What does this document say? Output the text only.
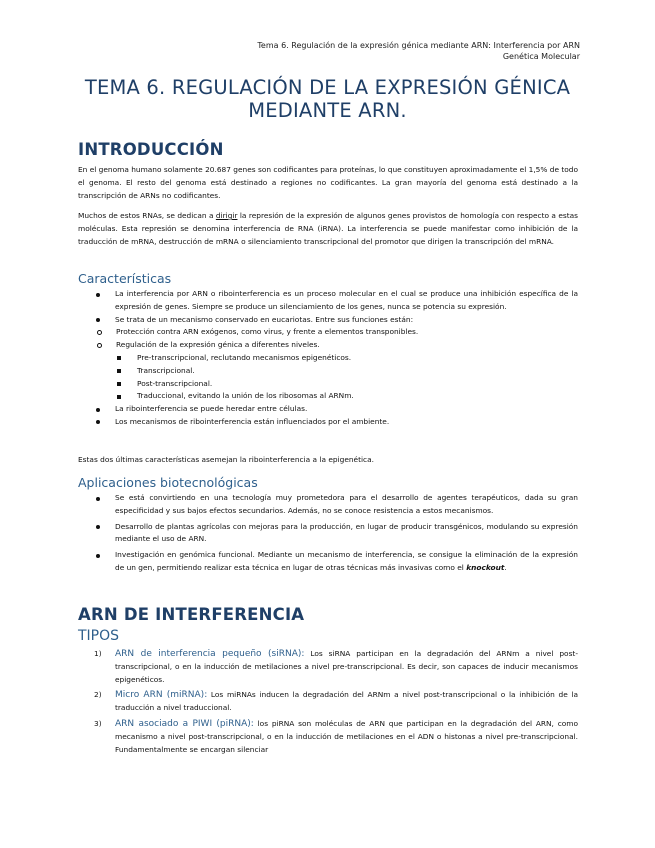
Tema 6. Regulación de la expresión génica mediante ARN: Interferencia por ARN
Genética Molecular
TEMA 6. REGULACIÓN DE LA EXPRESIÓN GÉNICA
MEDIANTE ARN.
INTRODUCCIÓN
En el genoma humano solamente 20.687 genes son codificantes para proteínas, lo que constituyen aproximadamente el 1,5% de todo el genoma. El resto del genoma está destinado a regiones no codificantes. La gran mayoría del genoma está destinado a la transcripción de ARNs no codificantes.
Muchos de estos RNAs, se dedican a dirigir la represión de la expresión de algunos genes provistos de homología con respecto a estas moléculas. Esta represión se denomina interferencia de RNA (iRNA). La interferencia se puede manifestar como inhibición de la traducción de mRNA, destrucción de mRNA o silenciamiento transcripcional del promotor que dirigen la transcripción del mRNA.
Características
La interferencia por ARN o ribointerferencia es un proceso molecular en el cual se produce una inhibición específica de la expresión de genes. Siempre se produce un silenciamiento de los genes, nunca se potencia su expresión.
Se trata de un mecanismo conservado en eucariotas. Entre sus funciones están:
Protección contra ARN exógenos, como virus, y frente a elementos transponibles.
Regulación de la expresión génica a diferentes niveles.
Pre-transcripcional, reclutando mecanismos epigenéticos.
Transcripcional.
Post-transcripcional.
Traduccional, evitando la unión de los ribosomas al ARNm.
La ribointerferencia se puede heredar entre células.
Los mecanismos de ribointerferencia están influenciados por el ambiente.
Estas dos últimas características asemejan la ribointerferencia a la epigenética.
Aplicaciones biotecnológicas
Se está convirtiendo en una tecnología muy prometedora para el desarrollo de agentes terapéuticos, dada su gran especificidad y sus bajos efectos secundarios. Además, no se conoce resistencia a estos mecanismos.
Desarrollo de plantas agrícolas con mejoras para la producción, en lugar de producir transgénicos, modulando su expresión mediante el uso de ARN.
Investigación en genómica funcional. Mediante un mecanismo de interferencia, se consigue la eliminación de la expresión de un gen, permitiendo realizar esta técnica en lugar de otras técnicas más invasivas como el knockout.
ARN DE INTERFERENCIA
TIPOS
1) ARN de interferencia pequeño (siRNA): Los siRNA participan en la degradación del ARNm a nivel post-transcripcional, o en la inducción de metilaciones a nivel pre-transcripcional. Es decir, son capaces de inducir mecanismos epigenéticos.
2) Micro ARN (miRNA): Los miRNAs inducen la degradación del ARNm a nivel post-transcripcional o la inhibición de la traducción a nivel traduccional.
3) ARN asociado a PIWI (piRNA): los piRNA son moléculas de ARN que participan en la degradación del ARN, como mecanismo a nivel post-transcripcional, o en la inducción de metilaciones en el ADN o histonas a nivel pre-transcripcional. Fundamentalmente se encargan silenciar
